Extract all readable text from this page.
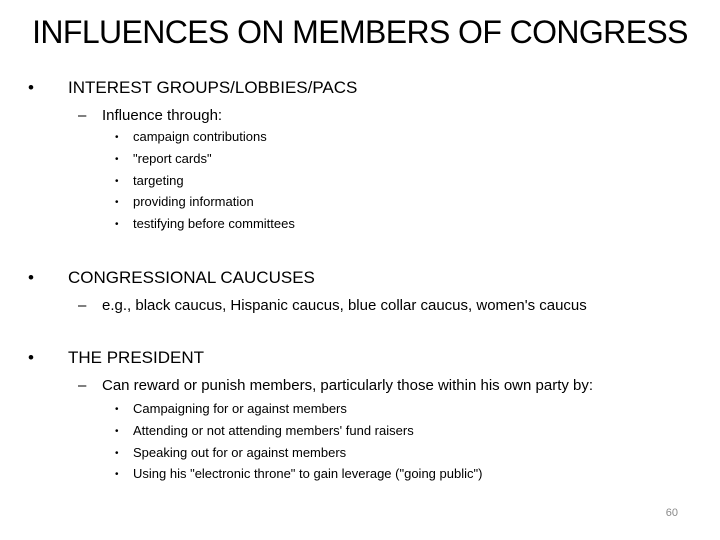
INFLUENCES ON MEMBERS OF CONGRESS
• INTEREST GROUPS/LOBBIES/PACS
– Influence through:
• campaign contributions
• "report cards"
• targeting
• providing information
• testifying before committees
• CONGRESSIONAL CAUCUSES
– e.g., black caucus, Hispanic caucus, blue collar caucus, women's caucus
• THE PRESIDENT
– Can reward or punish members, particularly those within his own party by:
• Campaigning for or against members
• Attending or not attending members' fund raisers
• Speaking out for or against members
• Using his "electronic throne" to gain leverage ("going public")
60
